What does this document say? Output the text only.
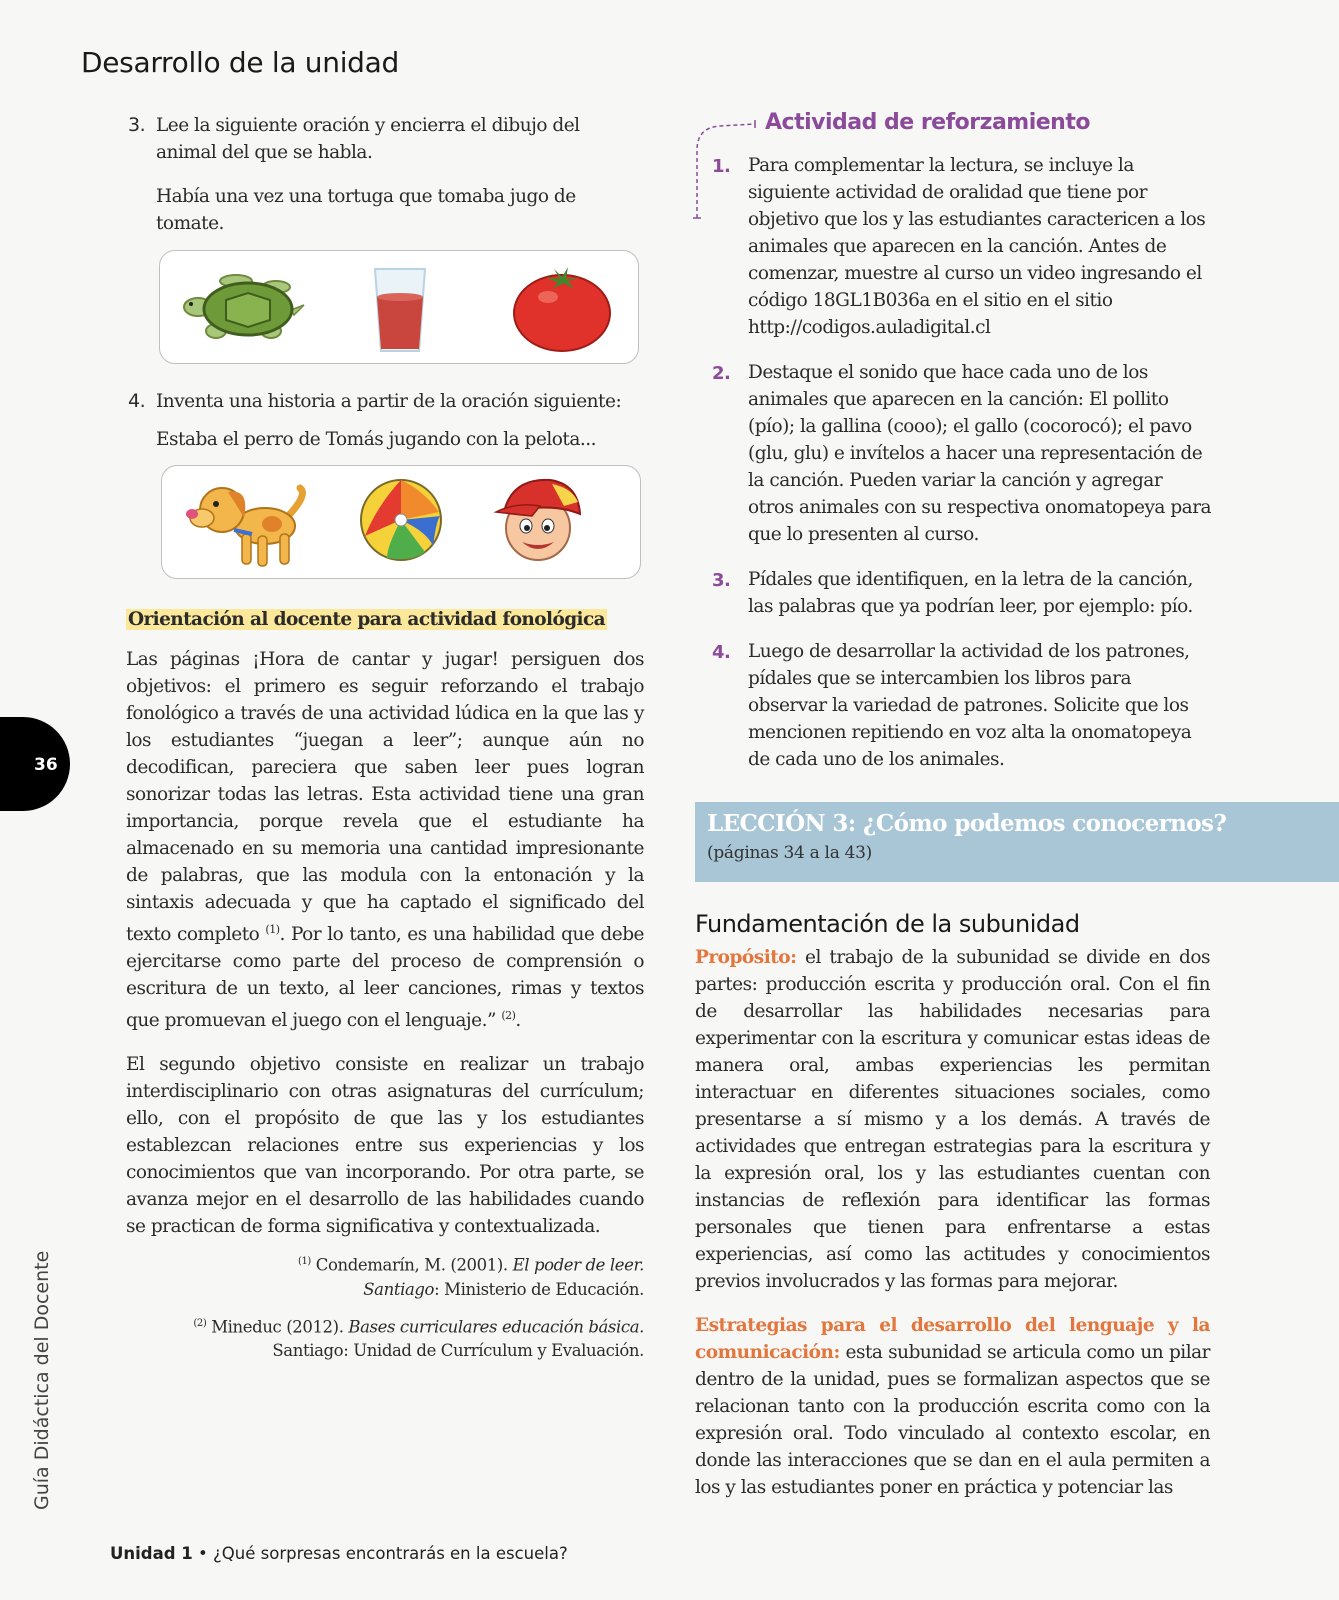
Desarrollo de la unidad
3. Lee la siguiente oración y encierra el dibujo del animal del que se habla.
Había una vez una tortuga que tomaba jugo de tomate.
4. Inventa una historia a partir de la oración siguiente:
Estaba el perro de Tomás jugando con la pelota...
Orientación al docente para actividad fonológica

Las páginas ¡Hora de cantar y jugar! persiguen dos objetivos: el primero es seguir reforzando el trabajo fonológico a través de una actividad lúdica en la que las y los estudiantes “juegan a leer”; aunque aún no decodifican, pareciera que saben leer pues logran sonorizar todas las letras. Esta actividad tiene una gran importancia, porque revela que el estudiante ha almacenado en su memoria una cantidad impresionante de palabras, que las modula con la entonación y la sintaxis adecuada y que ha captado el significado del texto completo $^{(1)}$. Por lo tanto, es una habilidad que debe ejercitarse como parte del proceso de comprensión o escritura de un texto, al leer canciones, rimas y textos que promuevan el juego con el lenguaje.” $^{(2)}$.

El segundo objetivo consiste en realizar un trabajo interdisciplinario con otras asignaturas del currículum; ello, con el propósito de que las y los estudiantes establezcan relaciones entre sus experiencias y los conocimientos que van incorporando. Por otra parte, se avanza mejor en el desarrollo de las habilidades cuando se practican de forma significativa y contextualizada.

$^{(1)}$ Condemarín, M. (2001). El poder de leer.
Santiago: Ministerio de Educación.
$^{(2)}$ Mineduc (2012). Bases curriculares educación básica.
Santiago: Unidad de Currículum y Evaluación.
Actividad de reforzamiento
1. Para complementar la lectura, se incluye la siguiente actividad de oralidad que tiene por objetivo que los y las estudiantes caractericen a los animales que aparecen en la canción. Antes de comenzar, muestre al curso un video ingresando el código 18GL1B036a en el sitio en el sitio http://codigos.auladigital.cl
2. Destaque el sonido que hace cada uno de los animales que aparecen en la canción: El pollito (pío); la gallina (cooo); el gallo (cocorocó); el pavo (glu, glu) e invítelos a hacer una representación de la canción. Pueden variar la canción y agregar otros animales con su respectiva onomatopeya para que lo presenten al curso.
3. Pídales que identifiquen, en la letra de la canción, las palabras que ya podrían leer, por ejemplo: pío.
4. Luego de desarrollar la actividad de los patrones, pídales que se intercambien los libros para observar la variedad de patrones. Solicite que los mencionen repitiendo en voz alta la onomatopeya de cada uno de los animales.
LECCIÓN 3: ¿Cómo podemos conocernos?
(páginas 34 a la 43)
Fundamentación de la subunidad

Propósito: el trabajo de la subunidad se divide en dos partes: producción escrita y producción oral. Con el fin de desarrollar las habilidades necesarias para experimentar con la escritura y comunicar estas ideas de manera oral, ambas experiencias les permitan interactuar en diferentes situaciones sociales, como presentarse a sí mismo y a los demás. A través de actividades que entregan estrategias para la escritura y la expresión oral, los y las estudiantes cuentan con instancias de reflexión para identificar las formas personales que tienen para enfrentarse a estas experiencias, así como las actitudes y conocimientos previos involucrados y las formas para mejorar.

Estrategias para el desarrollo del lenguaje y la comunicación: esta subunidad se articula como un pilar dentro de la unidad, pues se formalizan aspectos que se relacionan tanto con la producción escrita como con la expresión oral. Todo vinculado al contexto escolar, en donde las interacciones que se dan en el aula permiten a los y las estudiantes poner en práctica y potenciar las

36
Guía Didáctica del Docente
Unidad 1 • ¿Qué sorpresas encontrarás en la escuela?
